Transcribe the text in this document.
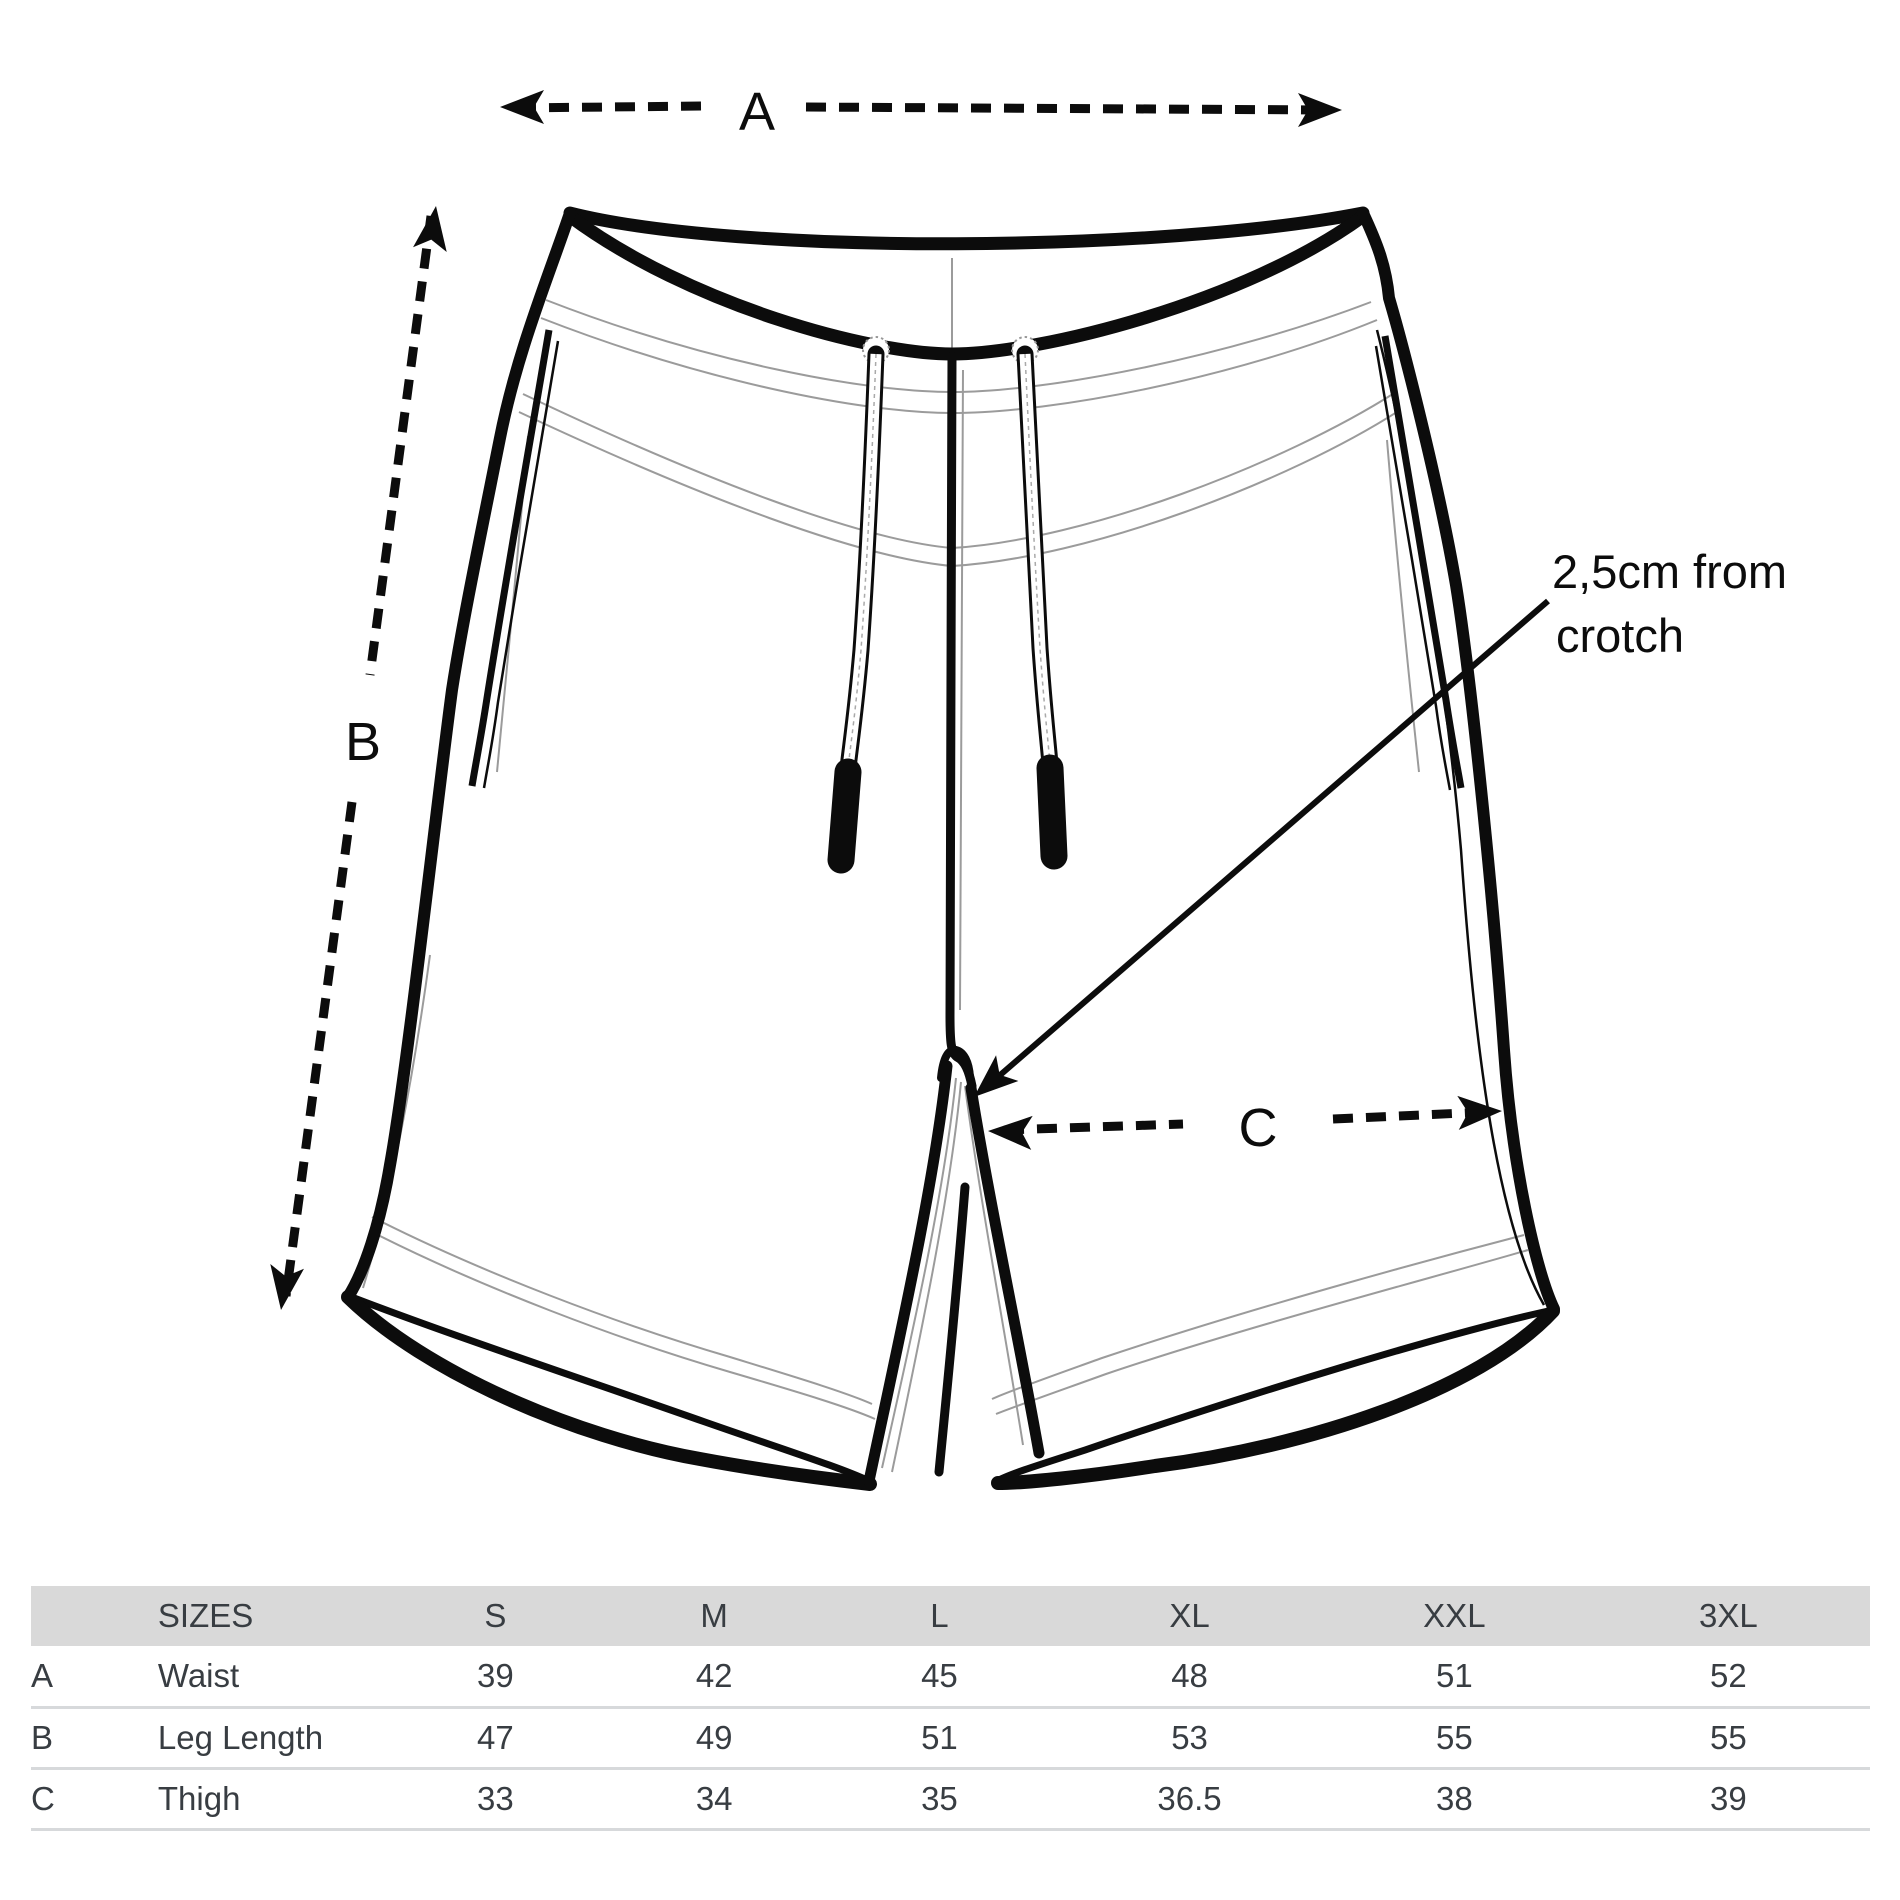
A
B
C
2,5cm from
crotch
	SIZES	S	M	L	XL	XXL	3XL
A	Waist	39	42	45	48	51	52
B	Leg Length	47	49	51	53	55	55
C	Thigh	33	34	35	36.5	38	39
